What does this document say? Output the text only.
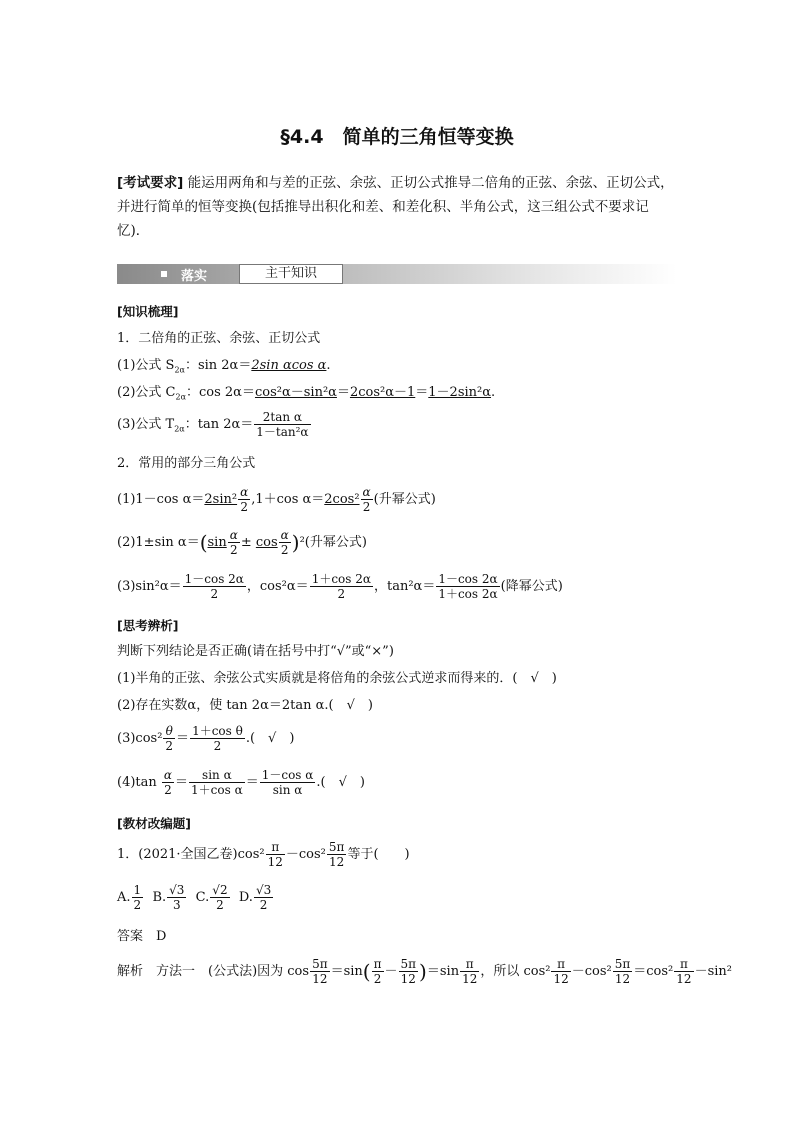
§4.4　简单的三角恒等变换
[考试要求] 能运用两角和与差的正弦、余弦、正切公式推导二倍角的正弦、余弦、正切公式，并进行简单的恒等变换(包括推导出积化和差、和差化积、半角公式，这三组公式不要求记忆)．
落实	主干知识
[知识梳理]
1．二倍角的正弦、余弦、正切公式
(1)公式 $S_{2\alpha}$：sin 2α＝2sin αcos α.
(2)公式 $C_{2\alpha}$：cos 2α＝cos²α－sin²α＝2cos²α－1＝1－2sin²α.
(3)公式 $T_{2\alpha}$：$\tan 2\alpha= \frac{\text{2tan α}}{\text{1－tan²α}}$
2．常用的部分三角公式
(1)1－cos $\alpha=2\sin^2 \frac{\alpha}{2} ,1+\cos$ $\alpha=2\cos^2 \frac{\alpha}{2}$ (升幂公式)
(2)1±sin $\alpha=(\sin \frac{\alpha}{2} \pm \cos \frac{\alpha}{2} )^2$(升幂公式)
$(3)\sin^2\alpha= \frac{1-\cos 2\alpha}{2}$ ，$\cos^2\alpha= \frac{1+\cos 2\alpha}{2}$ ，$\tan^2\alpha= \frac{1-\cos 2\alpha}{1+\cos 2\alpha}$ (降幂公式)
[思考辨析]
判断下列结论是否正确(请在括号中打“√”或“×”)
(1)半角的正弦、余弦公式实质就是将倍角的余弦公式逆求而得来的．(　√　)
(2)存在实数α，使 tan 2α＝2tan α.(　√　)
$(3)\cos^2 \frac{\theta}{2} = \frac{\text{1＋cos θ}}{2}$ .(　√　)
$(4)\tan \frac{\alpha}{2} = \frac{\text{sin α}}{\text{1＋cos α}} = \frac{\text{1－cos α}}{\text{sin α}}$ .(　√　)
[教材改编题]
1．(2021·全国乙卷)$\cos^2 \frac{\pi}{12} -\cos^2 \frac{5\pi}{12}$ 等于(　　)
A. $\frac{1}{2} B$. $\frac{√3}{3} C$. $\frac{√2}{2} D$. $\frac{√3}{2}$
答案　D
解析　方法一　(公式法)因为 $\cos \frac{5\pi}{12} =\sin( \frac{\pi}{2} - \frac{5\pi}{12} )=\sin \frac{\pi}{12}$ ，所以 $\cos^2 \frac{\pi}{12} -\cos^2 \frac{5\pi}{12} =\cos^2 \frac{\pi}{12} -\sin^2$
